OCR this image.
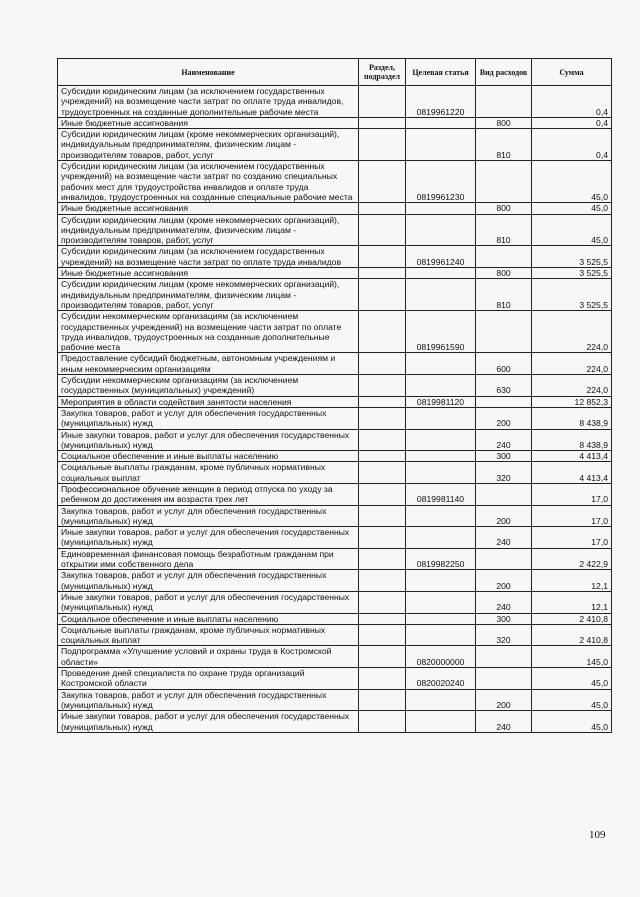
Наименование	Раздел, подраздел	Целевая статья	Вид расходов	Сумма
Субсидии юридическим лицам (за исключением государственных учреждений) на возмещение части затрат по оплате труда инвалидов, трудоустроенных на созданные дополнительные рабочие места		0819961220		0,4
Иные бюджетные ассигнования			800	0,4
Субсидии юридическим лицам (кроме некоммерческих организаций), индивидуальным предпринимателям, физическим лицам - производителям товаров, работ, услуг			810	0,4
Субсидии юридическим лицам (за исключением государственных учреждений) на возмещение части затрат по созданию специальных рабочих мест для трудоустройства инвалидов и оплате труда инвалидов, трудоустроенных на созданные специальные рабочие места		0819961230		45,0
Иные бюджетные ассигнования			800	45,0
Субсидии юридическим лицам (кроме некоммерческих организаций), индивидуальным предпринимателям, физическим лицам - производителям товаров, работ, услуг			810	45,0
Субсидии юридическим лицам (за исключением государственных учреждений) на возмещение части затрат по оплате труда инвалидов		0819961240		3 525,5
Иные бюджетные ассигнования			800	3 525,5
Субсидии юридическим лицам (кроме некоммерческих организаций), индивидуальным предпринимателям, физическим лицам - производителям товаров, работ, услуг			810	3 525,5
Субсидии некоммерческим организациям (за исключением государственных учреждений) на возмещение части затрат по оплате труда инвалидов, трудоустроенных на созданные дополнительные рабочие места		0819961590		224,0
Предоставление субсидий бюджетным, автономным учреждениям и иным некоммерческим организациям			600	224,0
Субсидии некоммерческим организациям (за исключением государственных (муниципальных) учреждений)			630	224,0
Мероприятия в области содействия занятости населения		0819981120		12 852,3
Закупка товаров, работ и услуг для обеспечения государственных (муниципальных) нужд			200	8 438,9
Иные закупки товаров, работ и услуг для обеспечения государственных (муниципальных) нужд			240	8 438,9
Социальное обеспечение и иные выплаты населению			300	4 413,4
Социальные выплаты гражданам, кроме публичных нормативных социальных выплат			320	4 413,4
Профессиональное обучение женщин в период отпуска по уходу за ребенком до достижения им возраста трех лет		0819981140		17,0
Закупка товаров, работ и услуг для обеспечения государственных (муниципальных) нужд			200	17,0
Иные закупки товаров, работ и услуг для обеспечения государственных (муниципальных) нужд			240	17,0
Единовременная финансовая помощь безработным гражданам при открытии ими собственного дела		0819982250		2 422,9
Закупка товаров, работ и услуг для обеспечения государственных (муниципальных) нужд			200	12,1
Иные закупки товаров, работ и услуг для обеспечения государственных (муниципальных) нужд			240	12,1
Социальное обеспечение и иные выплаты населению			300	2 410,8
Социальные выплаты гражданам, кроме публичных нормативных социальных выплат			320	2 410,8
Подпрограмма «Улучшение условий и охраны труда в Костромской области»		0820000000		145,0
Проведение дней специалиста по охране труда организаций Костромской области		0820020240		45,0
Закупка товаров, работ и услуг для обеспечения государственных (муниципальных) нужд			200	45,0
Иные закупки товаров, работ и услуг для обеспечения государственных (муниципальных) нужд			240	45,0
109
